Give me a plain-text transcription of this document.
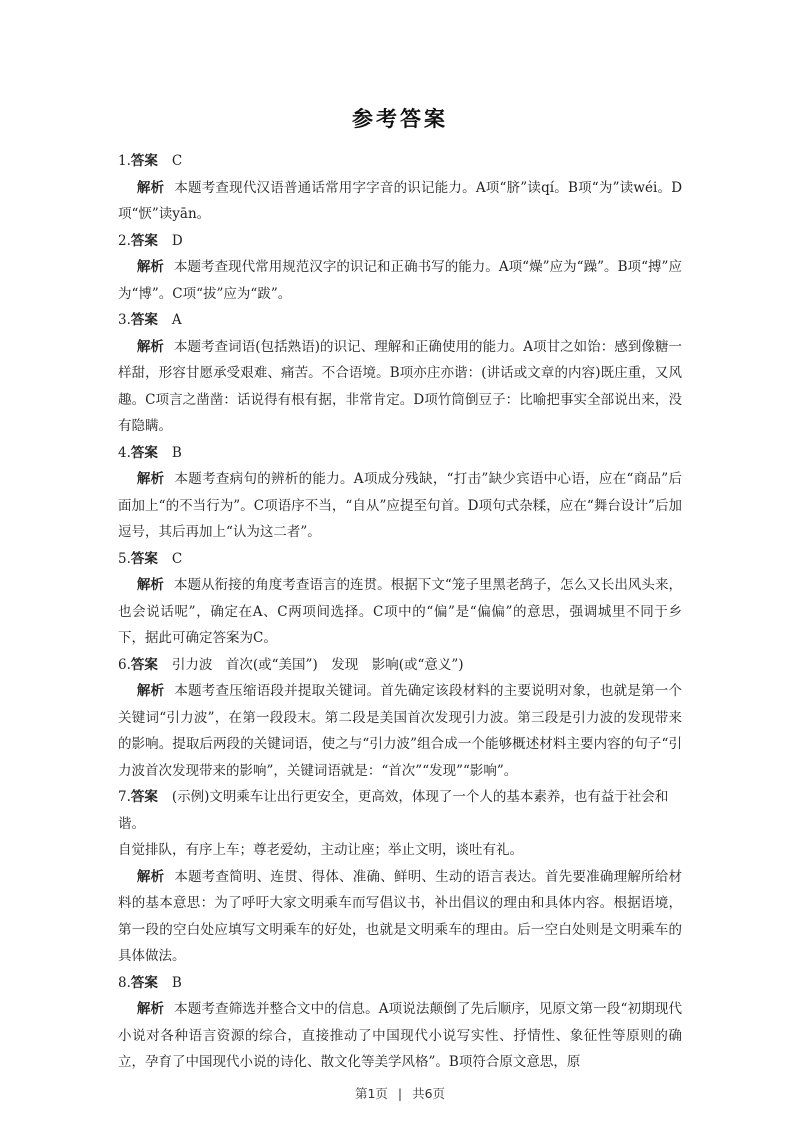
参考答案

1.答案 C

解析 本题考查现代汉语普通话常用字字音的识记能力。A项“脐”读qí。B项“为”读wéi。D项“恹”读yān。

2.答案 D

解析 本题考查现代常用规范汉字的识记和正确书写的能力。A项“燥”应为“躁”。B项“搏”应为“博”。C项“拔”应为“跋”。

3.答案 A

解析 本题考查词语(包括熟语)的识记、理解和正确使用的能力。A项甘之如饴：感到像糖一样甜，形容甘愿承受艰难、痛苦。不合语境。B项亦庄亦谐：(讲话或文章的内容)既庄重，又风趣。C项言之凿凿：话说得有根有据，非常肯定。D项竹筒倒豆子：比喻把事实全部说出来，没有隐瞒。

4.答案 B

解析 本题考查病句的辨析的能力。A项成分残缺，“打击”缺少宾语中心语，应在“商品”后面加上“的不当行为”。C项语序不当，“自从”应提至句首。D项句式杂糅，应在“舞台设计”后加逗号，其后再加上“认为这二者”。

5.答案 C

解析 本题从衔接的角度考查语言的连贯。根据下文“笼子里黑老鸹子，怎么又长出风头来，也会说话呢”，确定在A、C两项间选择。C项中的“偏”是“偏偏”的意思，强调城里不同于乡下，据此可确定答案为C。

6.答案 引力波　首次(或“美国”)　发现　影响(或“意义”)

解析 本题考查压缩语段并提取关键词。首先确定该段材料的主要说明对象，也就是第一个关键词“引力波”，在第一段段末。第二段是美国首次发现引力波。第三段是引力波的发现带来的影响。提取后两段的关键词语，使之与“引力波”组合成一个能够概述材料主要内容的句子“引力波首次发现带来的影响”，关键词语就是：“首次”“发现”“影响”。

7.答案 (示例)文明乘车让出行更安全，更高效，体现了一个人的基本素养，也有益于社会和谐。

自觉排队，有序上车；尊老爱幼，主动让座；举止文明，谈吐有礼。

解析 本题考查简明、连贯、得体、准确、鲜明、生动的语言表达。首先要准确理解所给材料的基本意思：为了呼吁大家文明乘车而写倡议书，补出倡议的理由和具体内容。根据语境，第一段的空白处应填写文明乘车的好处，也就是文明乘车的理由。后一空白处则是文明乘车的具体做法。

8.答案 B

解析 本题考查筛选并整合文中的信息。A项说法颠倒了先后顺序，见原文第一段“初期现代小说对各种语言资源的综合，直接推动了中国现代小说写实性、抒情性、象征性等原则的确立，孕育了中国现代小说的诗化、散文化等美学风格”。B项符合原文意思，原

第1页 | 共6页
